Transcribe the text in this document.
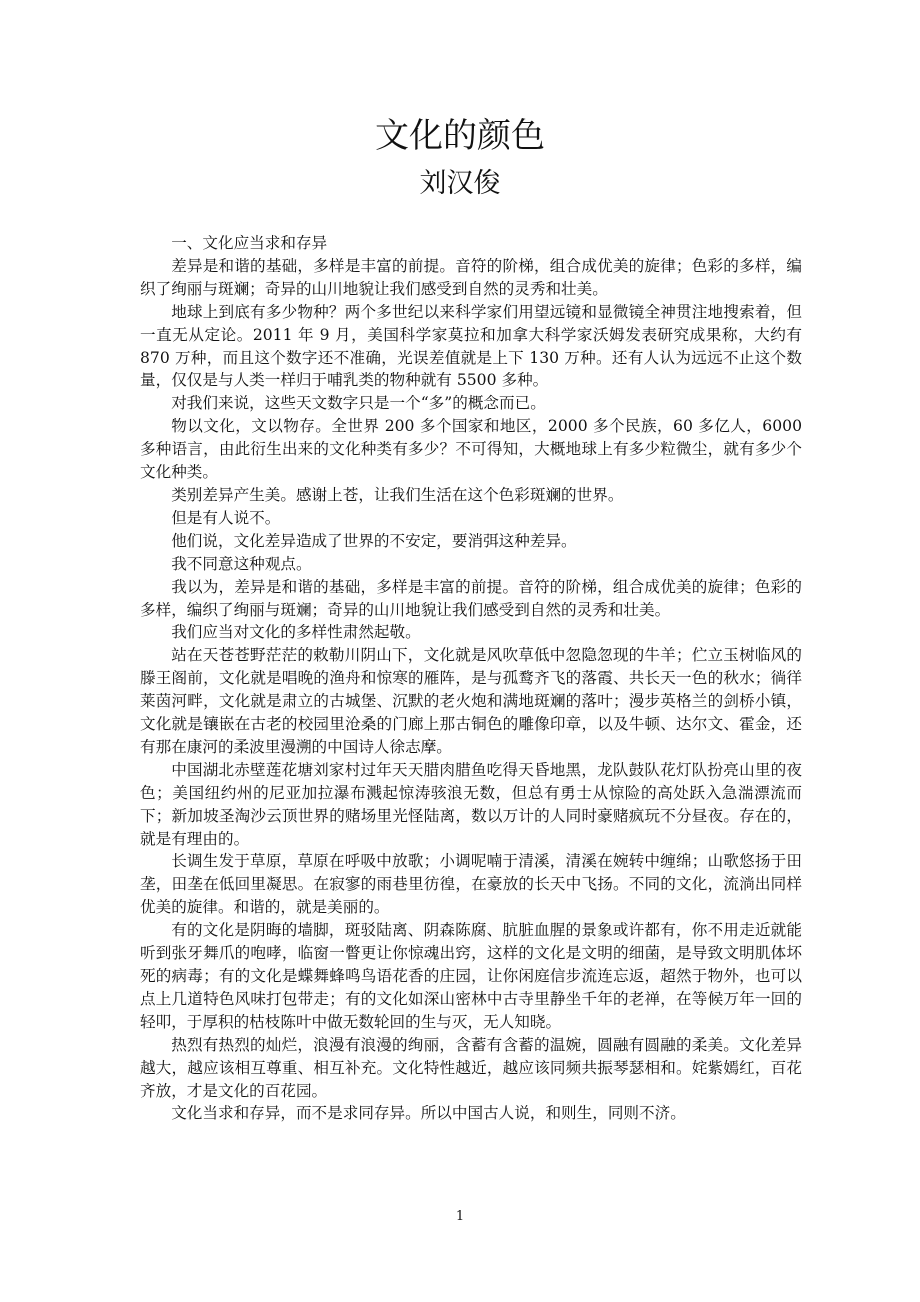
文化的颜色
刘汉俊

一、文化应当求和存异

差异是和谐的基础，多样是丰富的前提。音符的阶梯，组合成优美的旋律；色彩的多样，编织了绚丽与斑斓；奇异的山川地貌让我们感受到自然的灵秀和壮美。

地球上到底有多少物种？两个多世纪以来科学家们用望远镜和显微镜全神贯注地搜索着，但一直无从定论。2011 年 9 月，美国科学家莫拉和加拿大科学家沃姆发表研究成果称，大约有 870 万种，而且这个数字还不准确，光误差值就是上下 130 万种。还有人认为远远不止这个数量，仅仅是与人类一样归于哺乳类的物种就有 5500 多种。

对我们来说，这些天文数字只是一个“多”的概念而已。

物以文化，文以物存。全世界 200 多个国家和地区，2000 多个民族，60 多亿人，6000 多种语言，由此衍生出来的文化种类有多少？不可得知，大概地球上有多少粒微尘，就有多少个文化种类。

类别差异产生美。感谢上苍，让我们生活在这个色彩斑斓的世界。

但是有人说不。

他们说，文化差异造成了世界的不安定，要消弭这种差异。

我不同意这种观点。

我以为，差异是和谐的基础，多样是丰富的前提。音符的阶梯，组合成优美的旋律；色彩的多样，编织了绚丽与斑斓；奇异的山川地貌让我们感受到自然的灵秀和壮美。

我们应当对文化的多样性肃然起敬。

站在天苍苍野茫茫的敕勒川阴山下，文化就是风吹草低中忽隐忽现的牛羊；伫立玉树临风的滕王阁前，文化就是唱晚的渔舟和惊寒的雁阵，是与孤鹜齐飞的落霞、共长天一色的秋水；徜徉莱茵河畔，文化就是肃立的古城堡、沉默的老火炮和满地斑斓的落叶；漫步英格兰的剑桥小镇，文化就是镶嵌在古老的校园里沧桑的门廊上那古铜色的雕像印章，以及牛顿、达尔文、霍金，还有那在康河的柔波里漫溯的中国诗人徐志摩。

中国湖北赤壁莲花塘刘家村过年天天腊肉腊鱼吃得天昏地黑，龙队鼓队花灯队扮亮山里的夜色；美国纽约州的尼亚加拉瀑布溅起惊涛骇浪无数，但总有勇士从惊险的高处跃入急湍漂流而下；新加坡圣淘沙云顶世界的赌场里光怪陆离，数以万计的人同时豪赌疯玩不分昼夜。存在的，就是有理由的。

长调生发于草原，草原在呼吸中放歌；小调呢喃于清溪，清溪在婉转中缠绵；山歌悠扬于田垄，田垄在低回里凝思。在寂寥的雨巷里彷徨，在豪放的长天中飞扬。不同的文化，流淌出同样优美的旋律。和谐的，就是美丽的。

有的文化是阴晦的墙脚，斑驳陆离、阴森陈腐、肮脏血腥的景象或许都有，你不用走近就能听到张牙舞爪的咆哮，临窗一瞥更让你惊魂出窍，这样的文化是文明的细菌，是导致文明肌体坏死的病毒；有的文化是蝶舞蜂鸣鸟语花香的庄园，让你闲庭信步流连忘返，超然于物外，也可以点上几道特色风味打包带走；有的文化如深山密林中古寺里静坐千年的老禅，在等候万年一回的轻叩，于厚积的枯枝陈叶中做无数轮回的生与灭，无人知晓。

热烈有热烈的灿烂，浪漫有浪漫的绚丽，含蓄有含蓄的温婉，圆融有圆融的柔美。文化差异越大，越应该相互尊重、相互补充。文化特性越近，越应该同频共振琴瑟相和。姹紫嫣红，百花齐放，才是文化的百花园。

文化当求和存异，而不是求同存异。所以中国古人说，和则生，同则不济。

1
